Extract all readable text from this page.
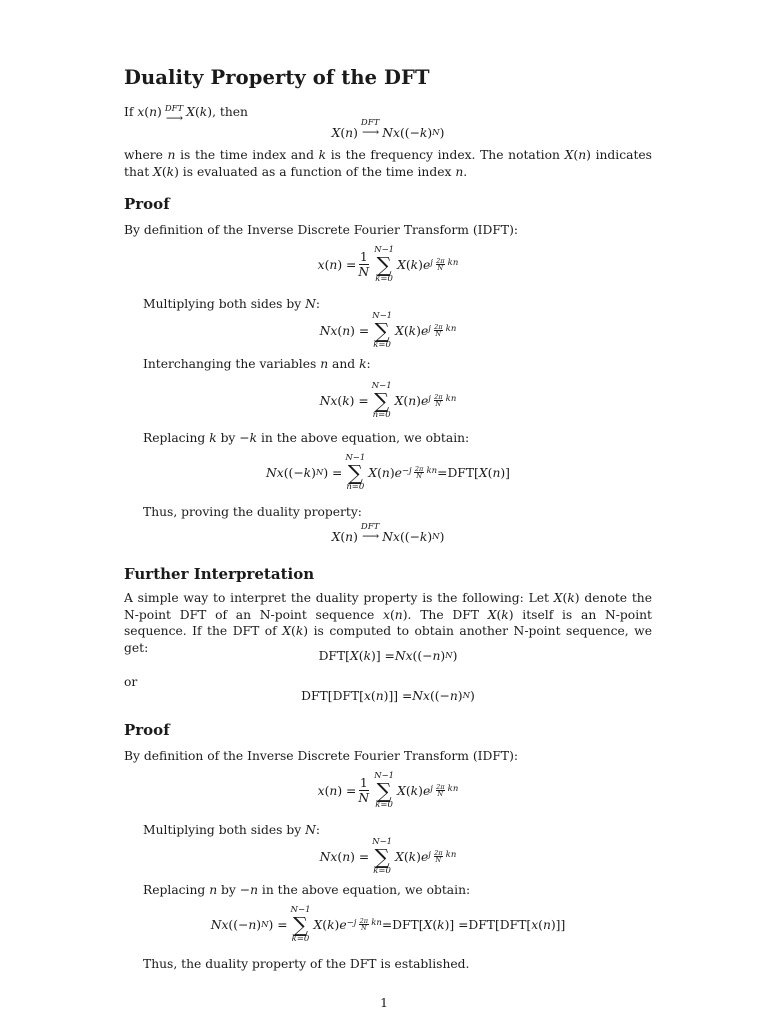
Duality Property of the DFT

If x(n) DFT
⟶ X(k), then

X ( n )
DFT
⟶ Nx ((− k ) N )

where n is the time index and k is the frequency index. The notation X(n) indicates that X(k) is evaluated as a function of the time index n.

Proof

By definition of the Inverse Discrete Fourier Transform (IDFT):

x ( n ) = $\frac{1}{N}$
N−1
∑
k=0
X ( k ) e j $\frac{2\pi}{N}$ kn

Multiplying both sides by N:

Nx ( n ) =
N−1
∑
k=0
X ( k ) e j $\frac{2\pi}{N}$ kn

Interchanging the variables n and k:

Nx ( k ) =
N−1
∑
n=0
X ( n ) e j $\frac{2\pi}{N}$ kn

Replacing k by −k in the above equation, we obtain:

Nx ((− k ) N ) =
N−1
∑
n=0
X ( n ) $e -j \frac{2\pi}{N}$ kn = DFT [ X ( n )]

Thus, proving the duality property:

X ( n )
DFT
⟶ Nx ((− k ) N )
Further Interpretation

A simple way to interpret the duality property is the following: Let X(k) denote the N-point DFT of an N-point sequence x(n). The DFT X(k) itself is an N-point sequence. If the DFT of X(k) is computed to obtain another N-point sequence, we get:

DFT [ X ( k )] = Nx ((− n ) N )

or

DFT [ DFT [ x ( n )]] = Nx ((− n ) N )
Proof

By definition of the Inverse Discrete Fourier Transform (IDFT):

x ( n ) = $\frac{1}{N}$
N−1
∑
k=0
X ( k ) e j $\frac{2\pi}{N}$ kn

Multiplying both sides by N:

Nx ( n ) =
N−1
∑
k=0
X ( k ) e j $\frac{2\pi}{N}$ kn

Replacing n by −n in the above equation, we obtain:

Nx ((− n ) N ) =
N−1
∑
k=0
X ( k ) $e -j \frac{2\pi}{N}$ kn = DFT [ X ( k )] = DFT [ DFT [ x ( n )]]

Thus, the duality property of the DFT is established.

1
